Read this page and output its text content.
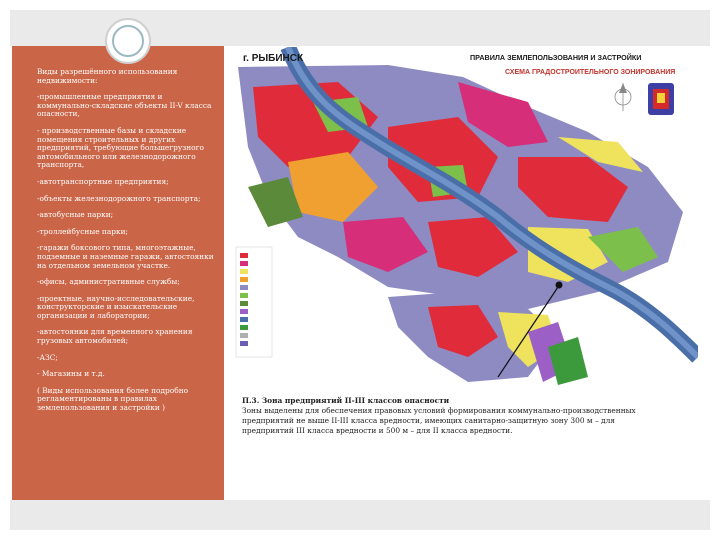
Виды разрешённого использования недвижимости:
-промышленные предприятия и коммунально-складские объекты II-V класса опасности,
- производственные базы и складские помещения строительных и других предприятий, требующие большегрузного автомобильного или железнодорожного транспорта,
-автотранспортные предприятия;
-объекты железнодорожного транспорта;
-автобусные парки;
-троллейбусные парки;
-гаражи боксового типа, многоэтажные, подземные и наземные гаражи, автостоянки на отдельном земельном участке.
-офисы, административные службы;
-проектные, научно-исследовательские, конструкторские и изыскательские организации и лаборатории;
-автостоянки для временного хранения грузовых автомобилей;
-АЗС;
- Магазины и т.д.
( Виды использования более подробно регламентированы в правилах землепользования и застройки )
г. РЫБИНСК	ПРАВИЛА ЗЕМЛЕПОЛЬЗОВАНИЯ И ЗАСТРОЙКИ
СХЕМА ГРАДОСТРОИТЕЛЬНОГО ЗОНИРОВАНИЯ

П.3. Зона предприятий II-III классов опасности

Зоны выделены для обеспечения правовых условий формирования коммунально-производственных предприятий не выше II-III класса вредности, имеющих санитарно-защитную зону 300 м – для предприятий III класса вредности и 500 м – для II класса вредности.
